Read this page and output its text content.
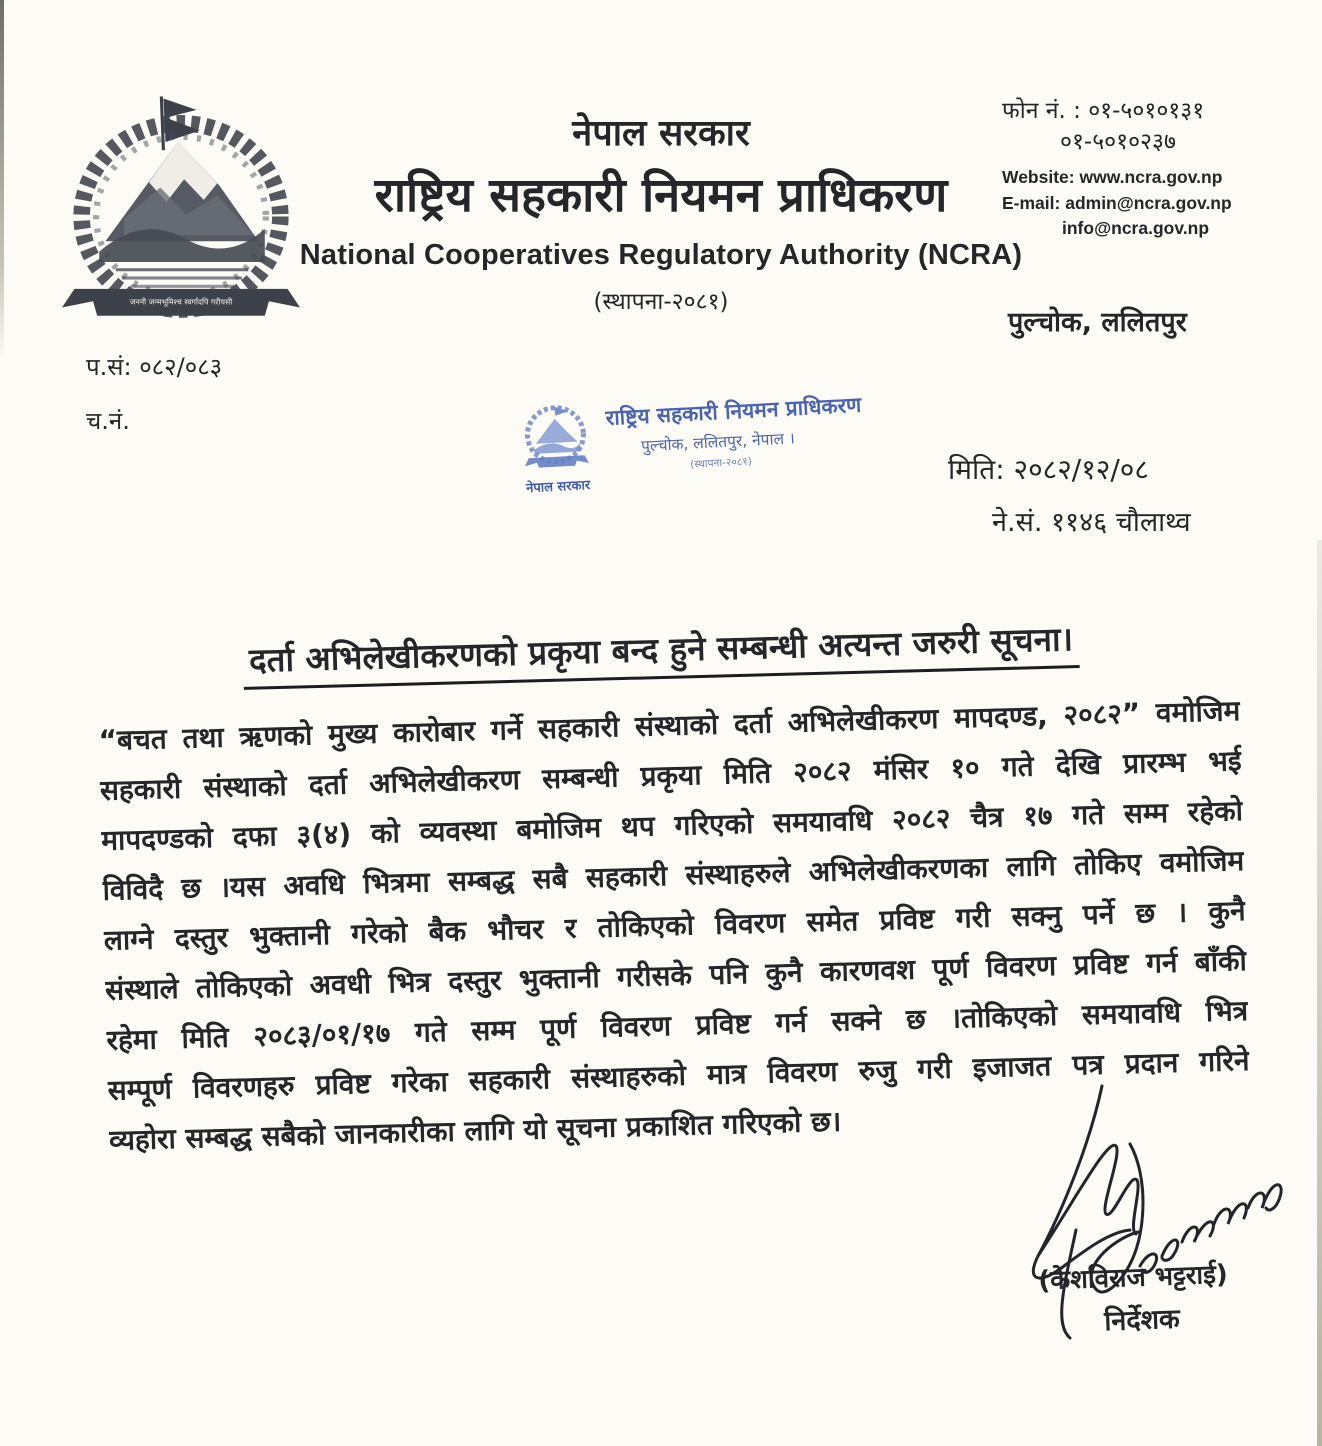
जननी जन्मभूमिश्च स्वर्गादपि गरीयसी
नेपाल सरकार
राष्ट्रिय सहकारी नियमन प्राधिकरण
National Cooperatives Regulatory Authority (NCRA)
(स्थापना-२०८१)
फोन नं. : ०१-५०१०१३१
०१-५०१०२३७
Website: www.ncra.gov.np
E-mail: admin@ncra.gov.np
info@ncra.gov.np
पुल्चोक, ललितपुर
प.सं: ०८२/०८३
च.नं.
नेपाल सरकार
राष्ट्रिय सहकारी नियमन प्राधिकरण
पुल्चोक, ललितपुर, नेपाल ।
(स्थापना-२०८१)	मिति: २०८२/१२/०८
ने.सं. ११४६ चौलाथ्व
दर्ता अभिलेखीकरणको प्रकृया बन्द हुने सम्बन्धी अत्यन्त जरुरी सूचना।
“बचत तथा ऋणको मुख्य कारोबार गर्ने सहकारी संस्थाको दर्ता अभिलेखीकरण मापदण्ड, २०८२” वमोजिम
सहकारी संस्थाको दर्ता अभिलेखीकरण सम्बन्धी प्रकृया मिति २०८२ मंसिर १० गते देखि प्रारम्भ भई
मापदण्डको दफा ३(४) को व्यवस्था बमोजिम थप गरिएको समयावधि २०८२ चैत्र १७ गते सम्म रहेको
विविदै छ ।यस अवधि भित्रमा सम्बद्ध सबै सहकारी संस्थाहरुले अभिलेखीकरणका लागि तोकिए वमोजिम
लाग्ने दस्तुर भुक्तानी गरेको बैक भौचर र तोकिएको विवरण समेत प्रविष्ट गरी सक्नु पर्ने छ । कुनै
संस्थाले तोकिएको अवधी भित्र दस्तुर भुक्तानी गरीसके पनि कुनै कारणवश पूर्ण विवरण प्रविष्ट गर्न बाँकी
रहेमा मिति २०८३/०१/१७ गते सम्म पूर्ण विवरण प्रविष्ट गर्न सक्ने छ ।तोकिएको समयावधि भित्र
सम्पूर्ण विवरणहरु प्रविष्ट गरेका सहकारी संस्थाहरुको मात्र विवरण रुजु गरी इजाजत पत्र प्रदान गरिने
व्यहोरा सम्बद्ध सबैको जानकारीका लागि यो सूचना प्रकाशित गरिएको छ।
(केशविराज भट्टराई)
निर्देशक
